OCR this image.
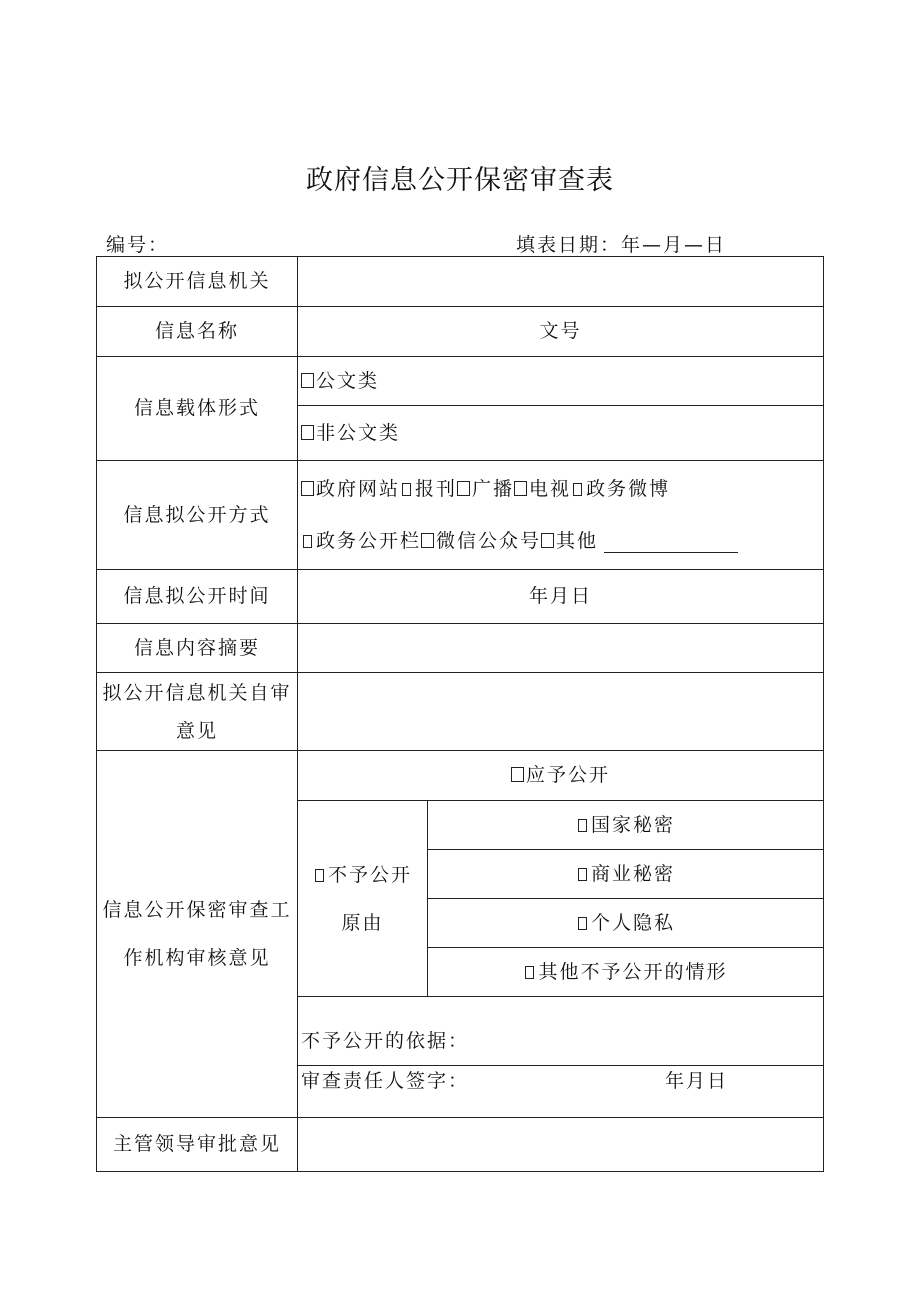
政府信息公开保密审查表
编号：	填表日期：年—月—日
拟公开信息机关		
信息名称	文号	
信息载体形式	公文类	
	非公文类	
信息拟公开方式	政府网站 报刊 广播 电视 政务微博
政务公开栏 微信公众号 其他	

信息拟公开时间	年月日	
信息内容摘要		

拟公开信息机关自审
意见		

信息公开保密审查工
作机构审核意见	应予公开	

	不予公开
原由	国家秘密
		商业秘密
		个人隐私
		其他不予公开的情形
	不予公开的依据：	
	审查责任人签字： 年月日	
主管领导审批意见		
